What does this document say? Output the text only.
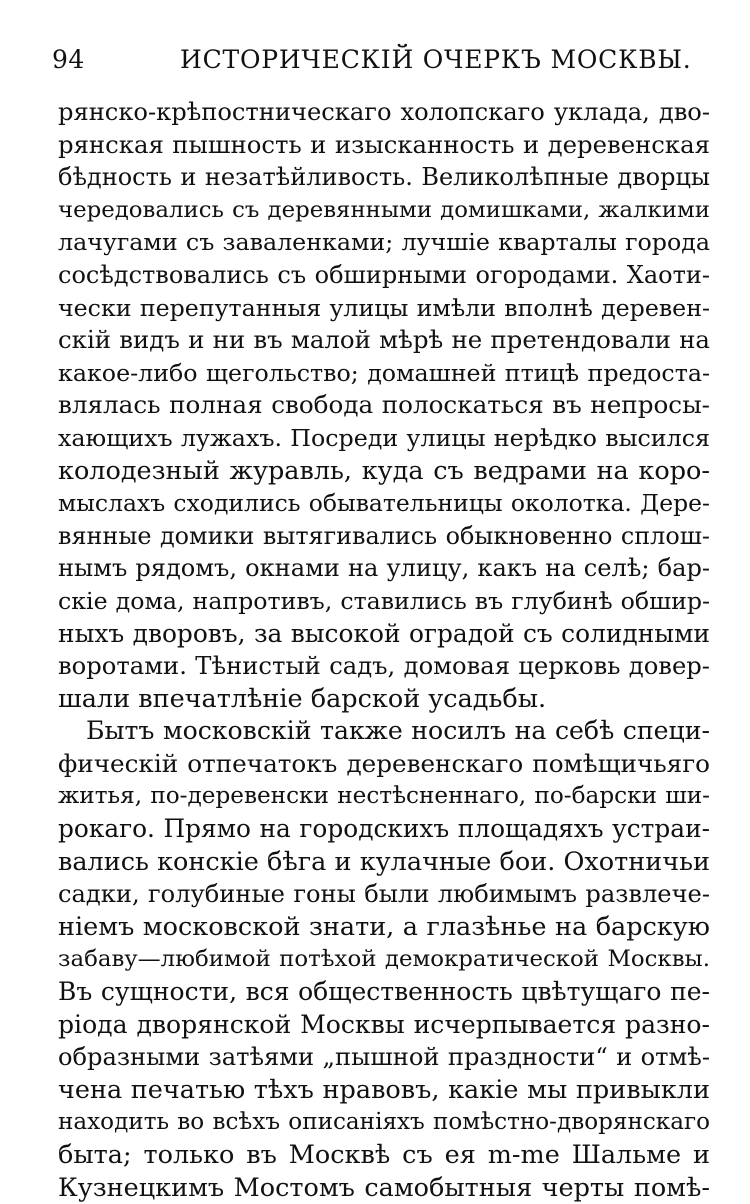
94	ИСТОРИЧЕСКІЙ ОЧЕРКЪ МОСКВЫ.
рянско-крѣпостническаго холопскаго уклада, дво-
рянская пышность и изысканность и деревенская
бѣдность и незатѣйливость. Великолѣпные дворцы
чередовались съ деревянными домишками, жалкими
лачугами съ заваленками; лучшіе кварталы города
сосѣдствовались съ обширными огородами. Хаоти-
чески перепутанныя улицы имѣли вполнѣ деревен-
скій видъ и ни въ малой мѣрѣ не претендовали на
какое-либо щегольство; домашней птицѣ предоста-
влялась полная свобода полоскаться въ непросы-
хающихъ лужахъ. Посреди улицы нерѣдко высился
колодезный журавль, куда съ ведрами на коро-
мыслахъ сходились обывательницы околотка. Дере-
вянные домики вытягивались обыкновенно сплош-
нымъ рядомъ, окнами на улицу, какъ на селѣ; бар-
скіе дома, напротивъ, ставились въ глубинѣ обшир-
ныхъ дворовъ, за высокой оградой съ солидными
воротами. Тѣнистый садъ, домовая церковь довер-
шали впечатлѣніе барской усадьбы.
Бытъ московскій также носилъ на себѣ специ-
фическій отпечатокъ деревенскаго помѣщичьяго
житья, по-деревенски нестѣсненнаго, по-барски ши-
рокаго. Прямо на городскихъ площадяхъ устраи-
вались конскіе бѣга и кулачные бои. Охотничьи
садки, голубиные гоны были любимымъ развлече-
ніемъ московской знати, а глазѣнье на барскую
забаву—любимой потѣхой демократической Москвы.
Въ сущности, вся общественность цвѣтущаго пе-
ріода дворянской Москвы исчерпывается разно-
образными затѣями „пышной праздности“ и отмѣ-
чена печатью тѣхъ нравовъ, какіе мы привыкли
находить во всѣхъ описаніяхъ помѣстно-дворянскаго
быта; только въ Москвѣ съ ея m-me Шальме и
Кузнецкимъ Мостомъ самобытныя черты помѣ-
